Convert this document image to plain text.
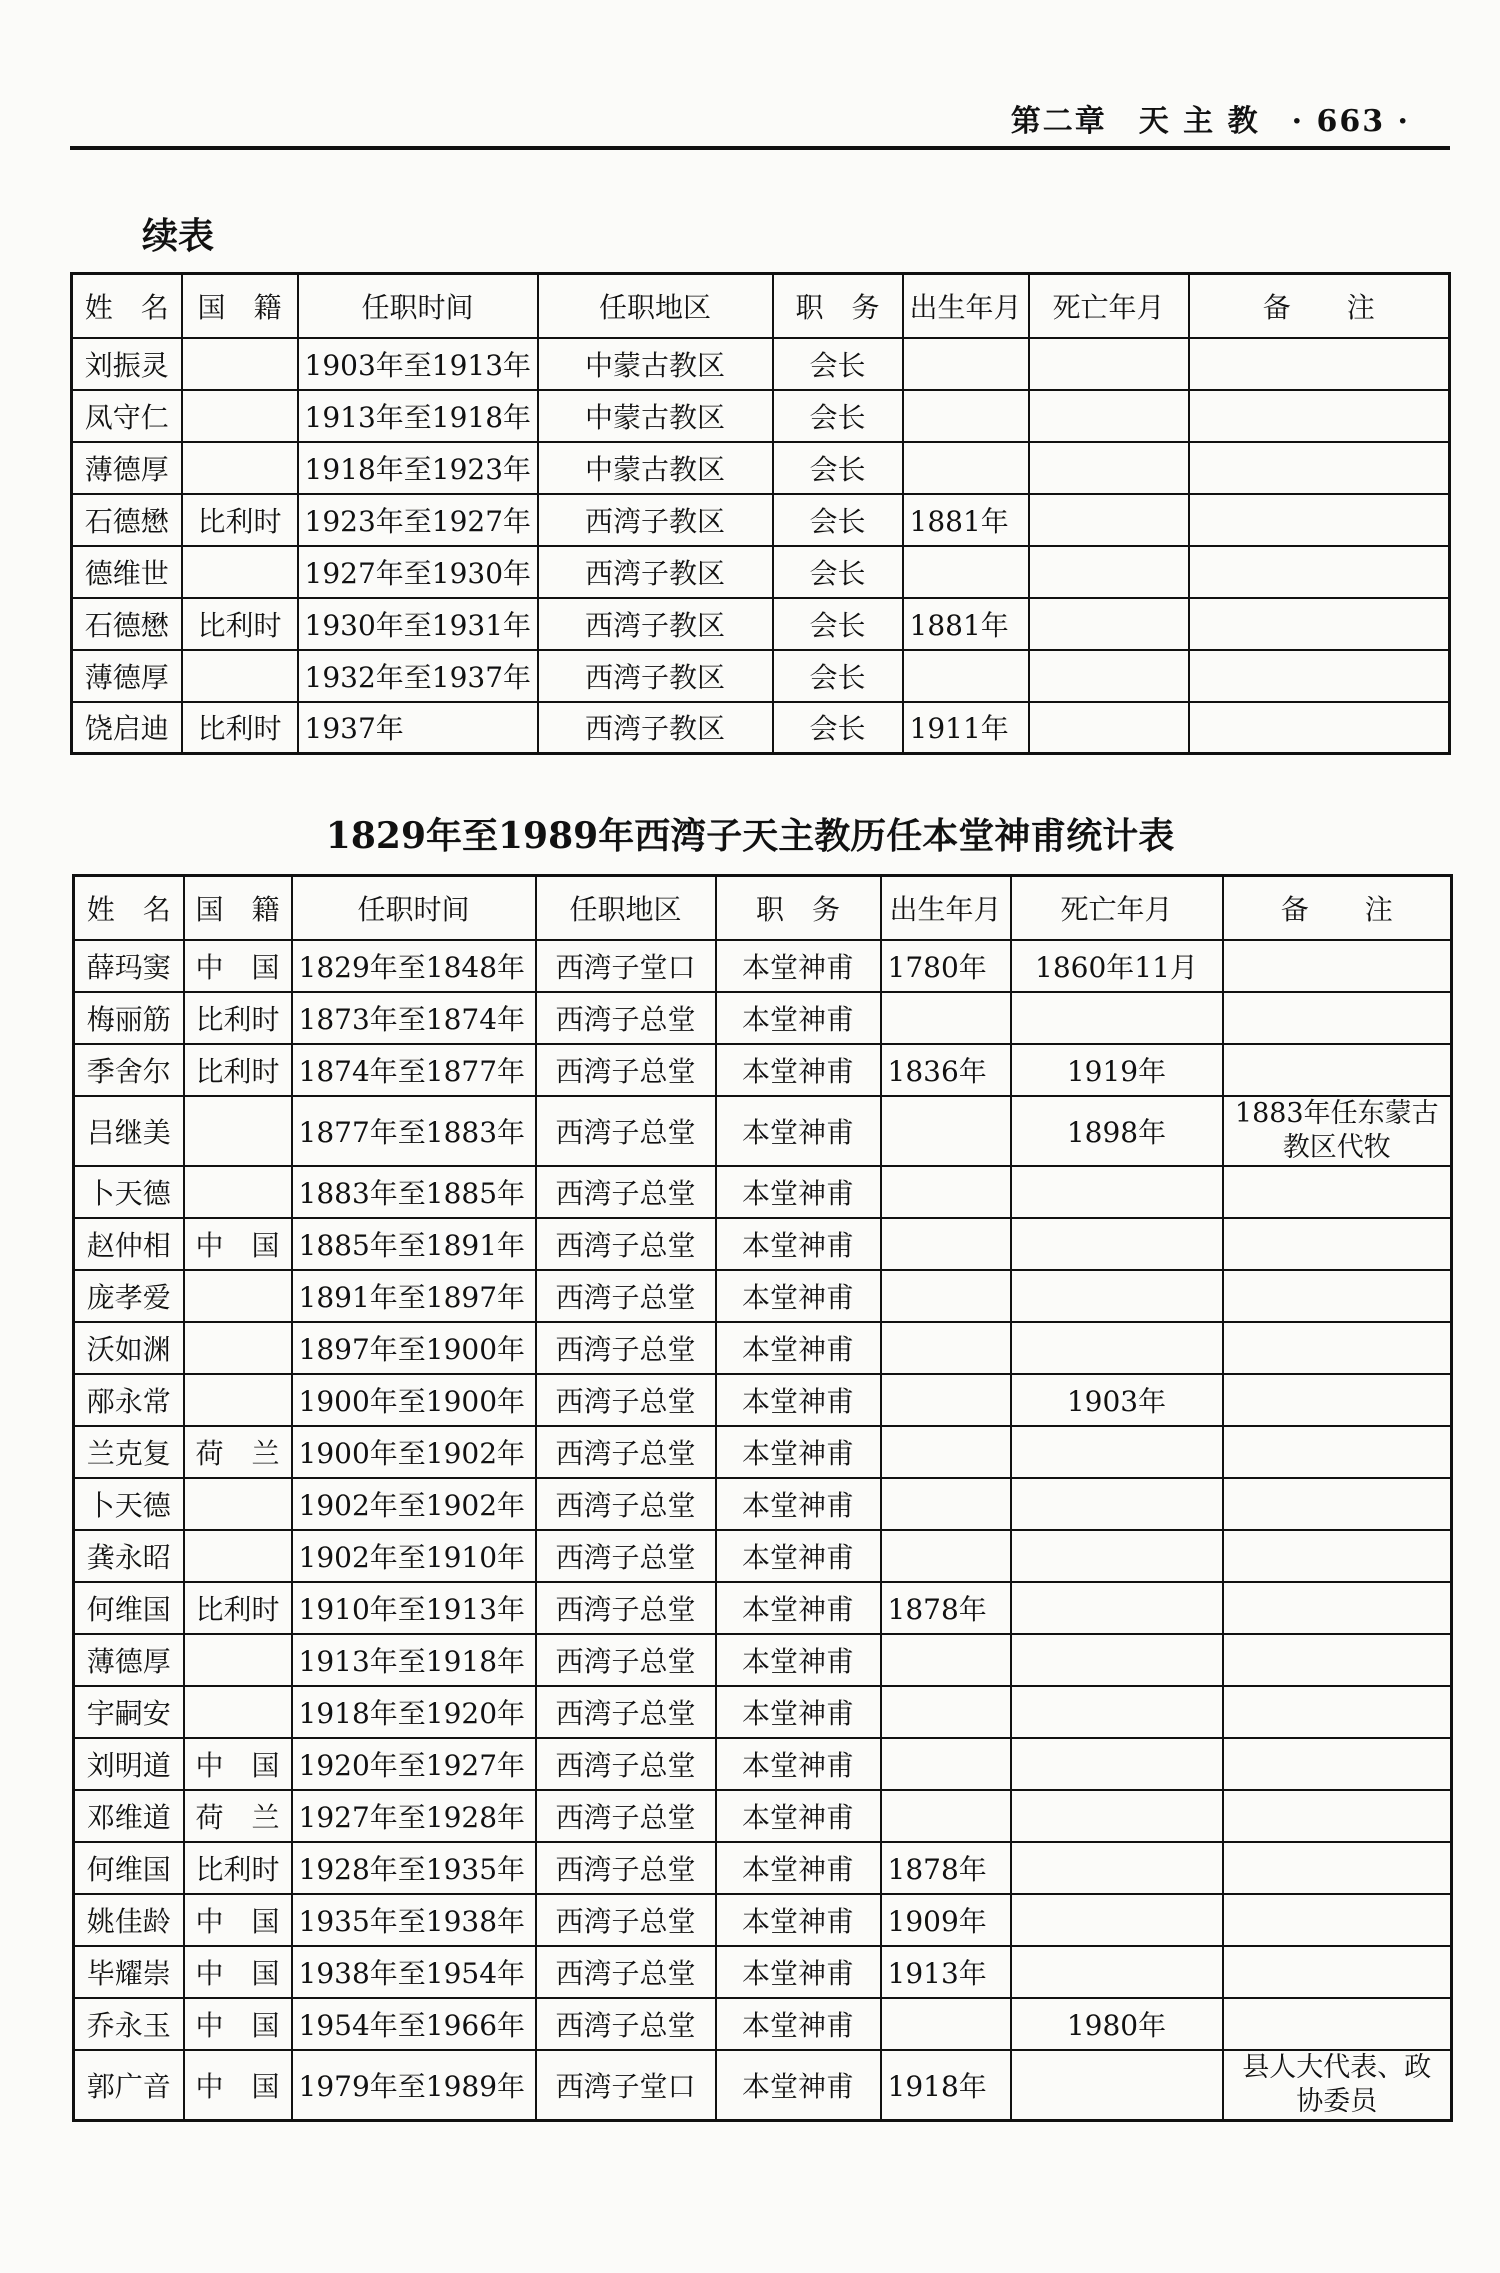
第二章　天 主 教　· 663 ·
续表
姓　名	国　籍	任职时间	任职地区	职　务	出生年月	死亡年月	备　　注
刘振灵		1903年至1913年	中蒙古教区	会长			
凤守仁		1913年至1918年	中蒙古教区	会长			
薄德厚		1918年至1923年	中蒙古教区	会长			
石德懋	比利时	1923年至1927年	西湾子教区	会长	1881年		
德维世		1927年至1930年	西湾子教区	会长			
石德懋	比利时	1930年至1931年	西湾子教区	会长	1881年		
薄德厚		1932年至1937年	西湾子教区	会长			
饶启迪	比利时	1937年	西湾子教区	会长	1911年		
1829年至1989年西湾子天主教历任本堂神甫统计表
姓　名	国　籍	任职时间	任职地区	职　务	出生年月	死亡年月	备　　注
薛玛窦	中　国	1829年至1848年	西湾子堂口	本堂神甫	1780年	1860年11月	
梅丽筋	比利时	1873年至1874年	西湾子总堂	本堂神甫			
季舍尔	比利时	1874年至1877年	西湾子总堂	本堂神甫	1836年	1919年	
吕继美		1877年至1883年	西湾子总堂	本堂神甫		1898年	1883年任东蒙古教区代牧
卜天德		1883年至1885年	西湾子总堂	本堂神甫			
赵仲相	中　国	1885年至1891年	西湾子总堂	本堂神甫			
庞孝爱		1891年至1897年	西湾子总堂	本堂神甫			
沃如渊		1897年至1900年	西湾子总堂	本堂神甫			
邴永常		1900年至1900年	西湾子总堂	本堂神甫		1903年	
兰克复	荷　兰	1900年至1902年	西湾子总堂	本堂神甫			
卜天德		1902年至1902年	西湾子总堂	本堂神甫			
龚永昭		1902年至1910年	西湾子总堂	本堂神甫			
何维国	比利时	1910年至1913年	西湾子总堂	本堂神甫	1878年		
薄德厚		1913年至1918年	西湾子总堂	本堂神甫			
宇嗣安		1918年至1920年	西湾子总堂	本堂神甫			
刘明道	中　国	1920年至1927年	西湾子总堂	本堂神甫			
邓维道	荷　兰	1927年至1928年	西湾子总堂	本堂神甫			
何维国	比利时	1928年至1935年	西湾子总堂	本堂神甫	1878年		
姚佳龄	中　国	1935年至1938年	西湾子总堂	本堂神甫	1909年		
毕耀崇	中　国	1938年至1954年	西湾子总堂	本堂神甫	1913年		
乔永玉	中　国	1954年至1966年	西湾子总堂	本堂神甫		1980年	
郭广音	中　国	1979年至1989年	西湾子堂口	本堂神甫	1918年		县人大代表、政协委员
